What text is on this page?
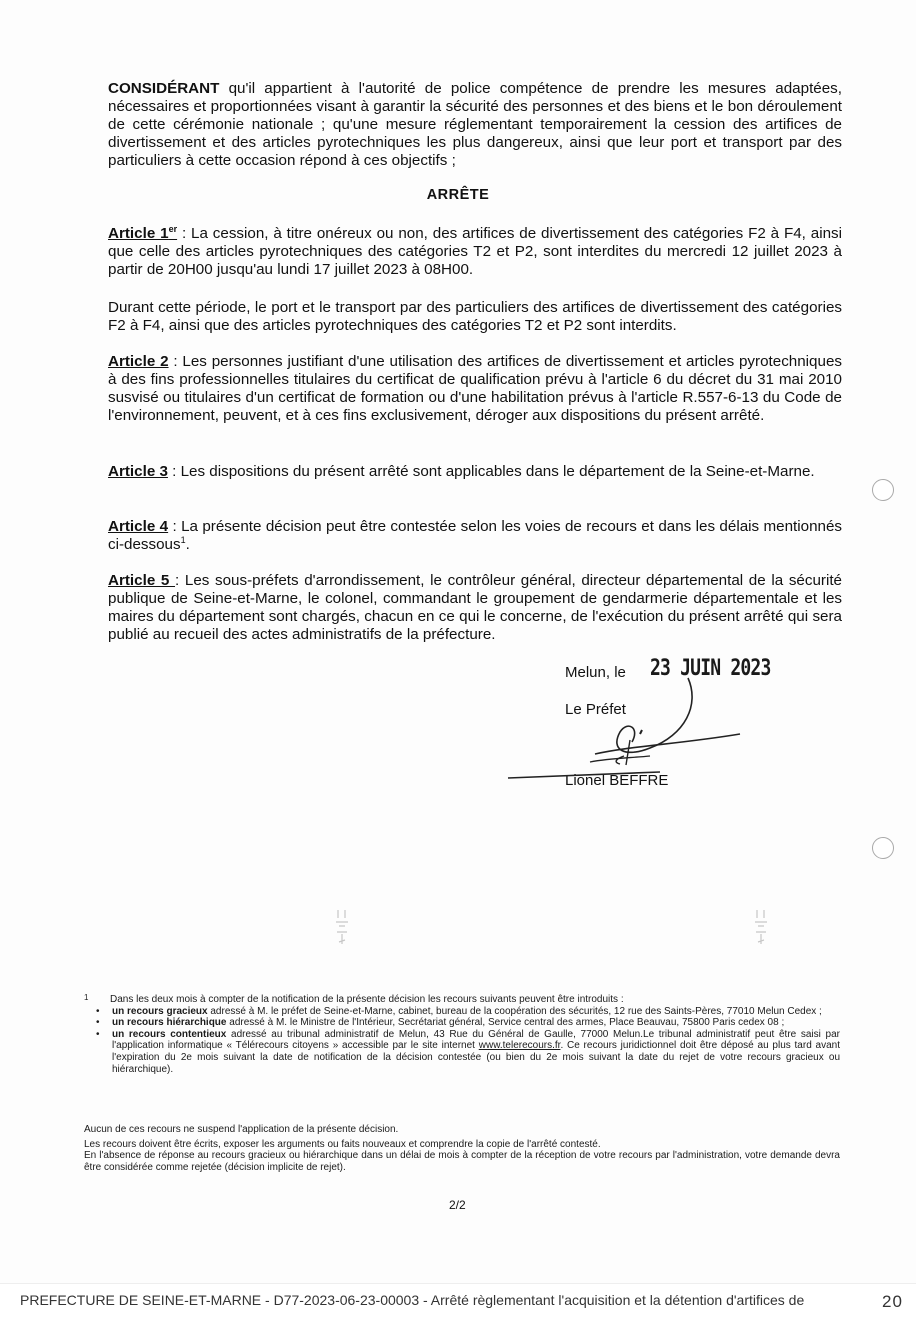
CONSIDÉRANT qu'il appartient à l'autorité de police compétence de prendre les mesures adaptées, nécessaires et proportionnées visant à garantir la sécurité des personnes et des biens et le bon déroulement de cette cérémonie nationale ; qu'une mesure réglementant temporairement la cession des artifices de divertissement et des articles pyrotechniques les plus dangereux, ainsi que leur port et transport par des particuliers à cette occasion répond à ces objectifs ;

ARRÊTE

Article 1er : La cession, à titre onéreux ou non, des artifices de divertissement des catégories F2 à F4, ainsi que celle des articles pyrotechniques des catégories T2 et P2, sont interdites du mercredi 12 juillet 2023 à partir de 20H00 jusqu'au lundi 17 juillet 2023 à 08H00.

Durant cette période, le port et le transport par des particuliers des artifices de divertissement des catégories F2 à F4, ainsi que des articles pyrotechniques des catégories T2 et P2 sont interdits.

Article 2 : Les personnes justifiant d'une utilisation des artifices de divertissement et articles pyrotechniques à des fins professionnelles titulaires du certificat de qualification prévu à l'article 6 du décret du 31 mai 2010 susvisé ou titulaires d'un certificat de formation ou d'une habilitation prévus à l'article R.557-6-13 du Code de l'environnement, peuvent, et à ces fins exclusivement, déroger aux dispositions du présent arrêté.

Article 3 : Les dispositions du présent arrêté sont applicables dans le département de la Seine-et-Marne.

Article 4 : La présente décision peut être contestée selon les voies de recours et dans les délais mentionnés ci-dessous$^1$.

Article 5 : Les sous-préfets d'arrondissement, le contrôleur général, directeur départemental de la sécurité publique de Seine-et-Marne, le colonel, commandant le groupement de gendarmerie départementale et les maires du département sont chargés, chacun en ce qui le concerne, de l'exécution du présent arrêté qui sera publié au recueil des actes administratifs de la préfecture.

Melun, le 23 JUIN 2023
Le Préfet
Lionel BEFFRE
1 Dans les deux mois à compter de la notification de la présente décision les recours suivants peuvent être introduits :
• un recours gracieux adressé à M. le préfet de Seine-et-Marne, cabinet, bureau de la coopération des sécurités, 12 rue des Saints-Pères, 77010 Melun Cedex ;
• un recours hiérarchique adressé à M. le Ministre de l'Intérieur, Secrétariat général, Service central des armes, Place Beauvau, 75800 Paris cedex 08 ;
• un recours contentieux adressé au tribunal administratif de Melun, 43 Rue du Général de Gaulle, 77000 Melun.Le tribunal administratif peut être saisi par l'application informatique « Télérecours citoyens » accessible par le site internet www.telerecours.fr. Ce recours juridictionnel doit être déposé au plus tard avant l'expiration du 2e mois suivant la date de notification de la décision contestée (ou bien du 2e mois suivant la date du rejet de votre recours gracieux ou hiérarchique).
Aucun de ces recours ne suspend l'application de la présente décision.
Les recours doivent être écrits, exposer les arguments ou faits nouveaux et comprendre la copie de l'arrêté contesté.
En l'absence de réponse au recours gracieux ou hiérarchique dans un délai de mois à compter de la réception de votre recours par l'administration, votre demande devra être considérée comme rejetée (décision implicite de rejet).
2/2
PREFECTURE DE SEINE-ET-MARNE - D77-2023-06-23-00003 - Arrêté règlementant l'acquisition et la détention d'artifices de	20
